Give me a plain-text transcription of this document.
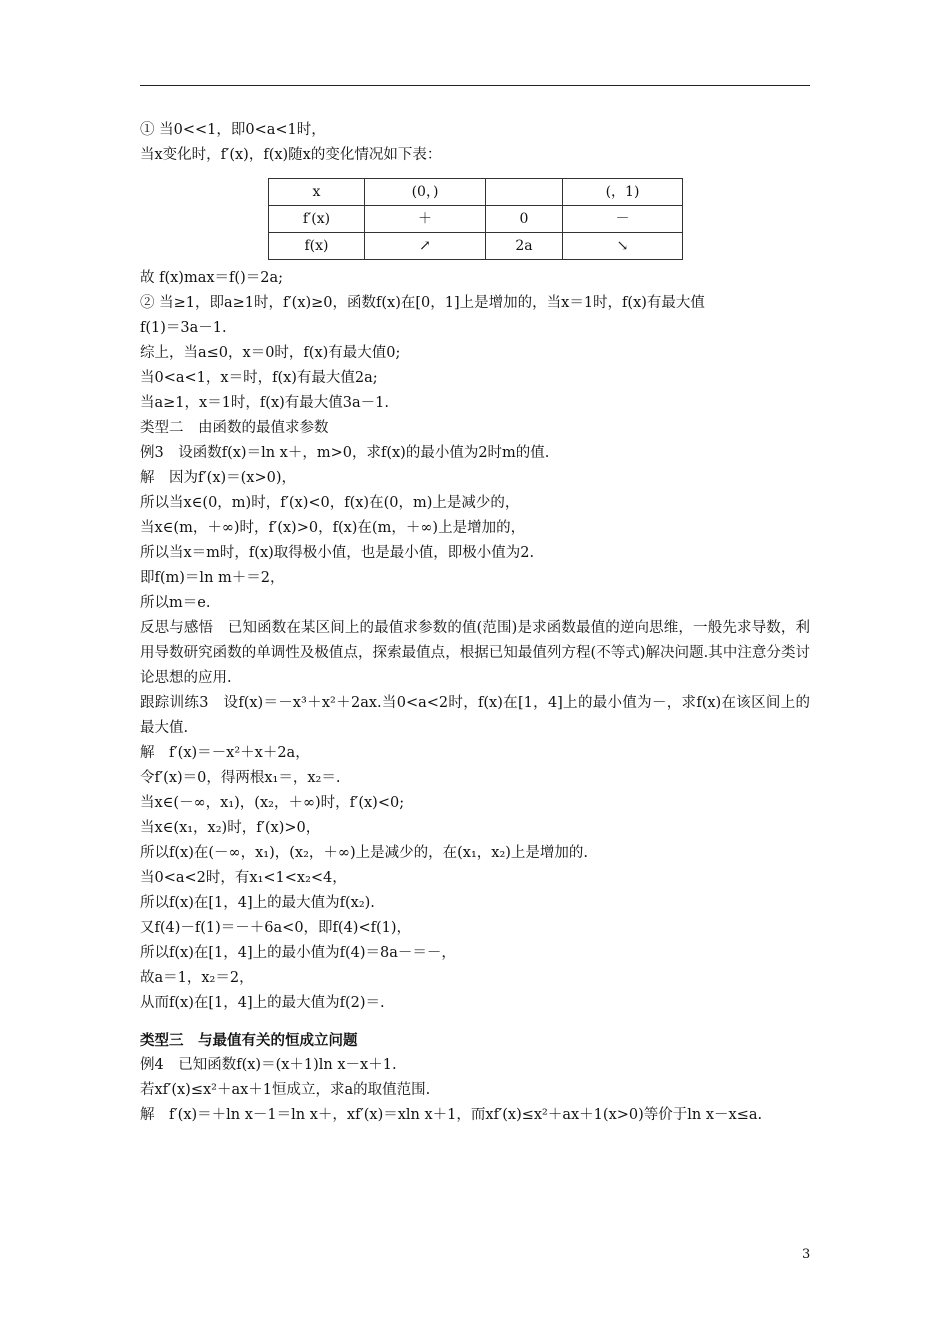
① 当0<<1，即0<a<1时，
当x变化时，f′(x)，f(x)随x的变化情况如下表：
x	(0，)		(，1)
f′(x)	＋	0	－
f(x)	↗	2a	↘
故 f(x)max＝f()＝2a;
② 当≥1，即a≥1时，f′(x)≥0，函数f(x)在[0，1]上是增加的，当x＝1时，f(x)有最大值
f(1)＝3a－1.
综上，当a≤0，x＝0时，f(x)有最大值0;
当0<a<1，x＝时，f(x)有最大值2a;
当a≥1，x＝1时，f(x)有最大值3a－1.
类型二　由函数的最值求参数
例3　设函数f(x)＝ln x＋，m>0，求f(x)的最小值为2时m的值.
解　因为f′(x)＝(x>0)，
所以当x∈(0，m)时，f′(x)<0，f(x)在(0，m)上是减少的，
当x∈(m，＋∞)时，f′(x)>0，f(x)在(m，＋∞)上是增加的，
所以当x＝m时，f(x)取得极小值，也是最小值，即极小值为2.
即f(m)＝ln m＋＝2，
所以m＝e.
反思与感悟　已知函数在某区间上的最值求参数的值(范围)是求函数最值的逆向思维，一般先求导数，利用导数研究函数的单调性及极值点，探索最值点，根据已知最值列方程(不等式)解决问题.其中注意分类讨论思想的应用.
跟踪训练3　设f(x)＝－x³＋x²＋2ax.当0<a<2时，f(x)在[1，4]上的最小值为－，求f(x)在该区间上的最大值.
解　f′(x)＝－x²＋x＋2a，
令f′(x)＝0，得两根x₁＝，x₂＝.
当x∈(－∞，x₁)，(x₂，＋∞)时，f′(x)<0;
当x∈(x₁，x₂)时，f′(x)>0，
所以f(x)在(－∞，x₁)，(x₂，＋∞)上是减少的，在(x₁，x₂)上是增加的.
当0<a<2时，有x₁<1<x₂<4，
所以f(x)在[1，4]上的最大值为f(x₂).
又f(4)－f(1)＝－＋6a<0，即f(4)<f(1)，
所以f(x)在[1，4]上的最小值为f(4)＝8a－＝－，
故a＝1，x₂＝2，
从而f(x)在[1，4]上的最大值为f(2)＝.
类型三　与最值有关的恒成立问题
例4　已知函数f(x)＝(x＋1)ln x－x＋1.
若xf′(x)≤x²＋ax＋1恒成立，求a的取值范围.
解　f′(x)＝＋ln x－1＝ln x＋，xf′(x)＝xln x＋1，而xf′(x)≤x²＋ax＋1(x>0)等价于ln x－x≤a.
3
